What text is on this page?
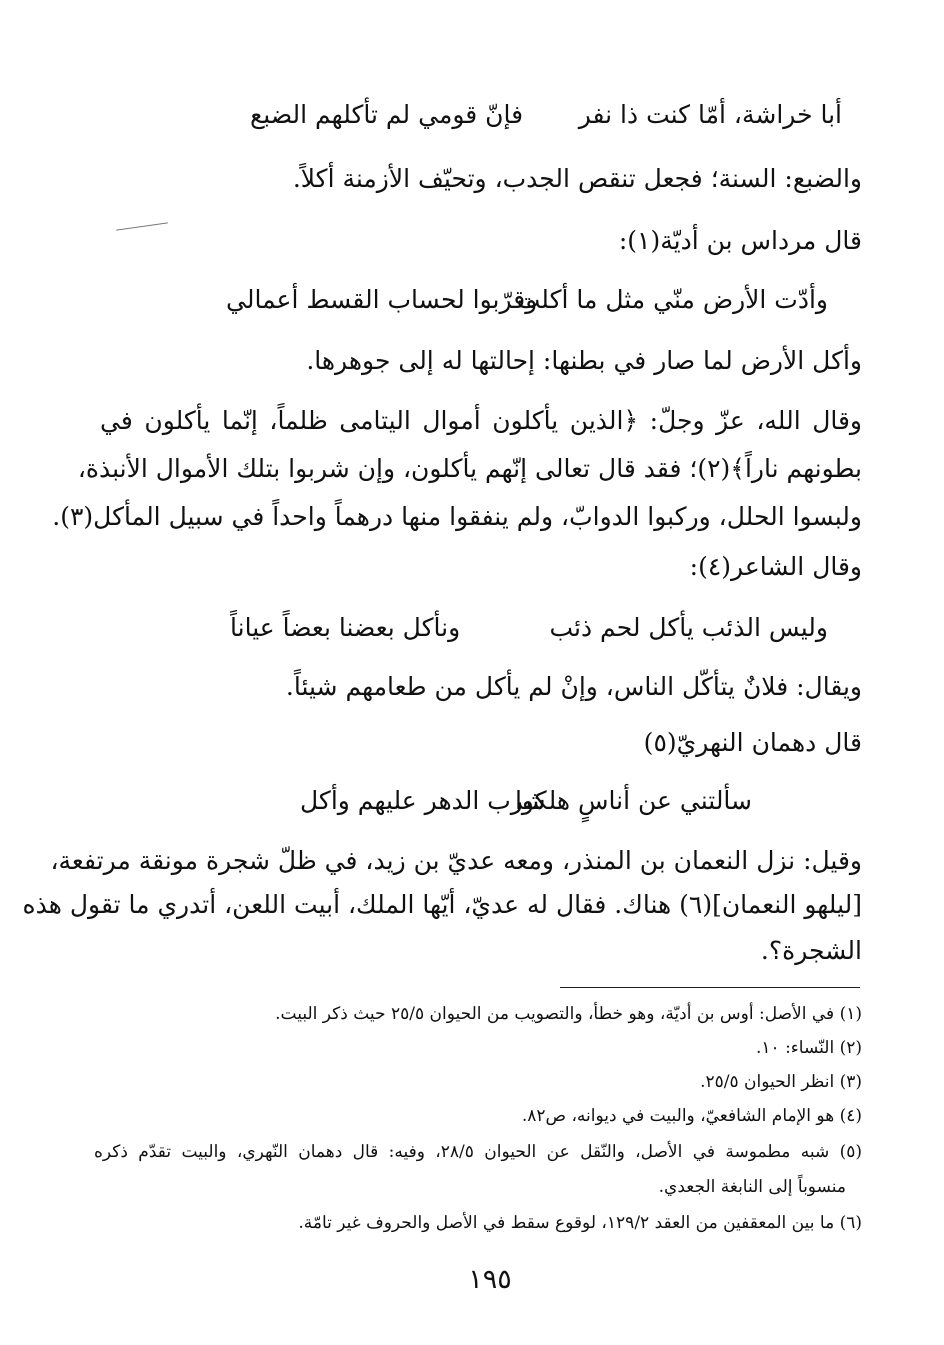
أبا خراشة، أمّا كنت ذا نفر
فإنّ قومي لم تأكلهم الضبع
والضبع: السنة؛ فجعل تنقص الجدب، وتحيّف الأزمنة أكلاً.
قال مرداس بن أديّة(١):
وأدّت الأرض منّي مثل ما أكلت
وقرّبوا لحساب القسط أعمالي
وأكل الأرض لما صار في بطنها: إحالتها له إلى جوهرها.
وقال الله، عزّ وجلّ: ﴿الذين يأكلون أموال اليتامى ظلماً، إنّما يأكلون في
بطونهم ناراً﴾(٢)؛ فقد قال تعالى إنّهم يأكلون، وإن شربوا بتلك الأموال الأنبذة،
ولبسوا الحلل، وركبوا الدوابّ، ولم ينفقوا منها درهماً واحداً في سبيل المأكل(٣).
وقال الشاعر(٤):
وليس الذئب يأكل لحم ذئب
ونأكل بعضنا بعضاً عياناً
ويقال: فلانٌ يتأكّل الناس، وإنْ لم يأكل من طعامهم شيئاً.
قال دهمان النهريّ(٥)
سألتني عن أناسٍ هلكوا
شرب الدهر عليهم وأكل
وقيل: نزل النعمان بن المنذر، ومعه عديّ بن زيد، في ظلّ شجرة مونقة مرتفعة،
[ليلهو النعمان](٦) هناك. فقال له عديّ، أيّها الملك، أبيت اللعن، أتدري ما تقول هذه
الشجرة؟.
(١) في الأصل: أوس بن أديّة، وهو خطأ، والتصويب من الحيوان ٢٥/٥ حيث ذكر البيت.
(٢) النّساء: ١٠.
(٣) انظر الحيوان ٢٥/٥.
(٤) هو الإمام الشافعيّ، والبيت في ديوانه، ص٨٢.
(٥) شبه مطموسة في الأصل، والنّقل عن الحيوان ٢٨/٥، وفيه: قال دهمان النّهري، والبيت تقدّم ذكره
منسوباً إلى النابغة الجعدي.
(٦) ما بين المعقفين من العقد ١٢٩/٢، لوقوع سقط في الأصل والحروف غير تامّة.
١٩٥
